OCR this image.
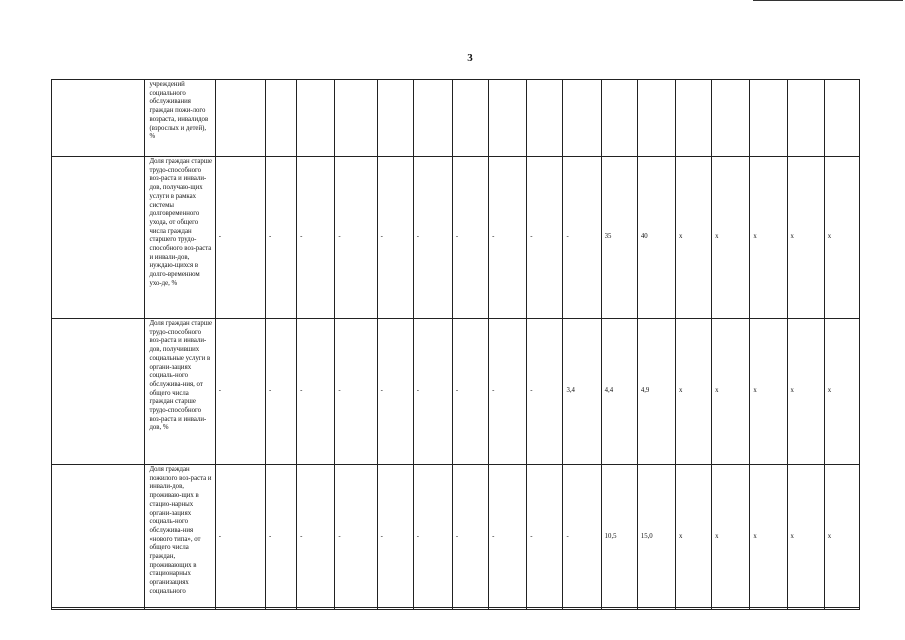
3
	учреждений социального обслуживания граждан пожи-лого возраста, инвалидов (взрослых и детей), %																	
	Доля граждан старше трудо-способного воз-раста и инвали-дов, получаю-щих услуги в рамках системы долговременного ухода, от общего числа граждан старшего трудо-способного воз-раста и инвали-дов, нуждаю-щихся в долго-временном ухо-де, %	-	-	-	-	-	-	-	-	-	-	35	40	x	x	x	x	x
	Доля граждан старше трудо-способного воз-раста и инвали-дов, получивших социальные услуги в органи-зациях социаль-ного обслужива-ния, от общего числа граждан старше трудо-способного воз-раста и инвали-дов, %	-	-	-	-	-	-	-	-	-	3,4	4,4	4,9	x	x	x	x	x
	Доля граждан пожилого воз-раста и инвали-дов, проживаю-щих в стацио-нарных органи-зациях социаль-ного обслужива-ния «нового типа», от общего числа граждан, проживающих в стационарных организациях социального	-	-	-	-	-	-	-	-	-	-	10,5	15,0	x	x	x	x	x
